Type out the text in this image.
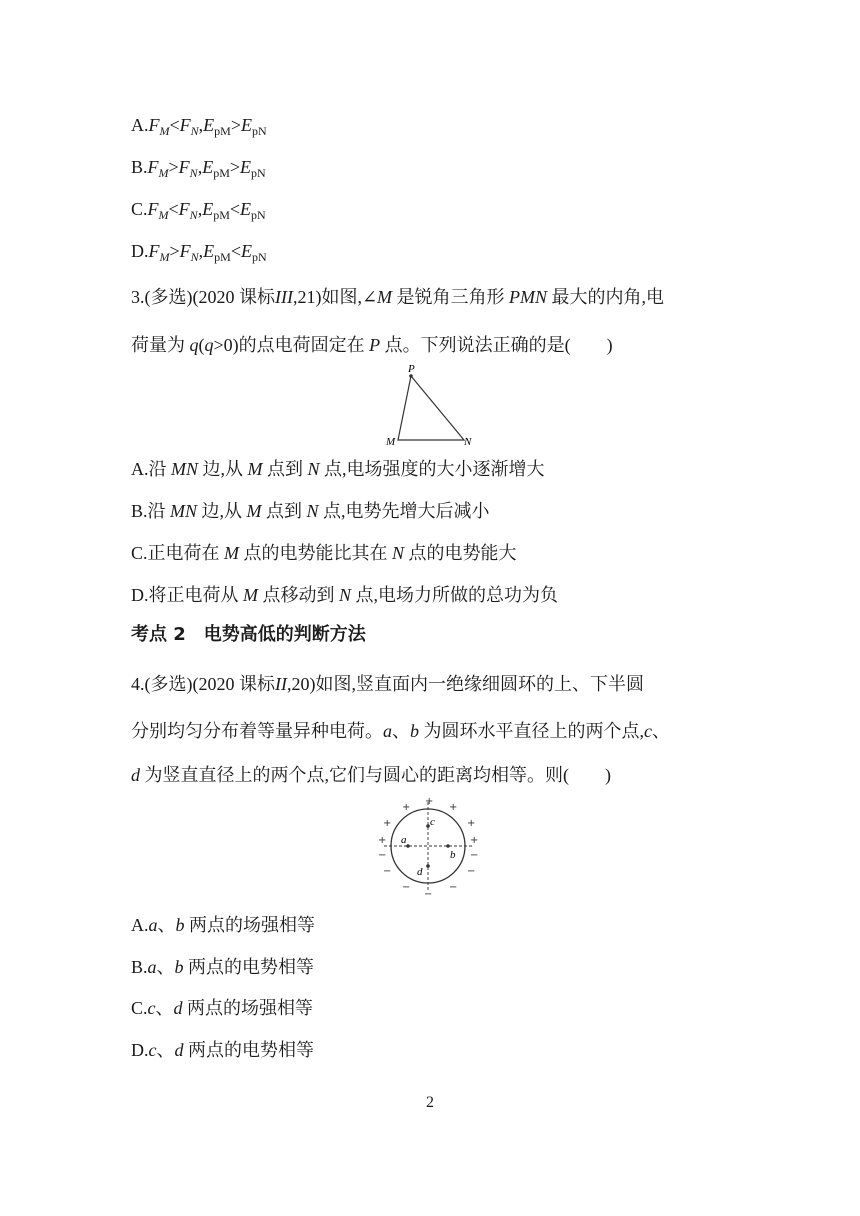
$A.F_M<F_N,E_{pM}>E_{pN}$
$B.F_M>F_N,E_{pM}>E_{pN}$
$C.F_M<F_N,E_{pM}<E_{pN}$
$D.F_M>F_N,E_{pM}<E_{pN}$
3.(多选)(2020 课标III,21)如图,∠M 是锐角三角形 PMN 最大的内角,电
荷量为 q(q>0)的点电荷固定在 P 点。下列说法正确的是(　　)
P
M	N
A.沿 MN 边,从 M 点到 N 点,电场强度的大小逐渐增大
B.沿 MN 边,从 M 点到 N 点,电势先增大后减小
C.正电荷在 M 点的电势能比其在 N 点的电势能大
D.将正电荷从 M 点移动到 N 点,电场力所做的总功为负
考点 2　电势高低的判断方法
4.(多选)(2020 课标II,20)如图,竖直面内一绝缘细圆环的上、下半圆
分别均匀分布着等量异种电荷。a、b 为圆环水平直径上的两个点,c、
d 为竖直直径上的两个点,它们与圆心的距离均相等。则(　　)
a
b
c
d
+
+	+
+	+
+	+
−	−
−	−
−	−
−
A.a、b 两点的场强相等
B.a、b 两点的电势相等
C.c、d 两点的场强相等
D.c、d 两点的电势相等
2
